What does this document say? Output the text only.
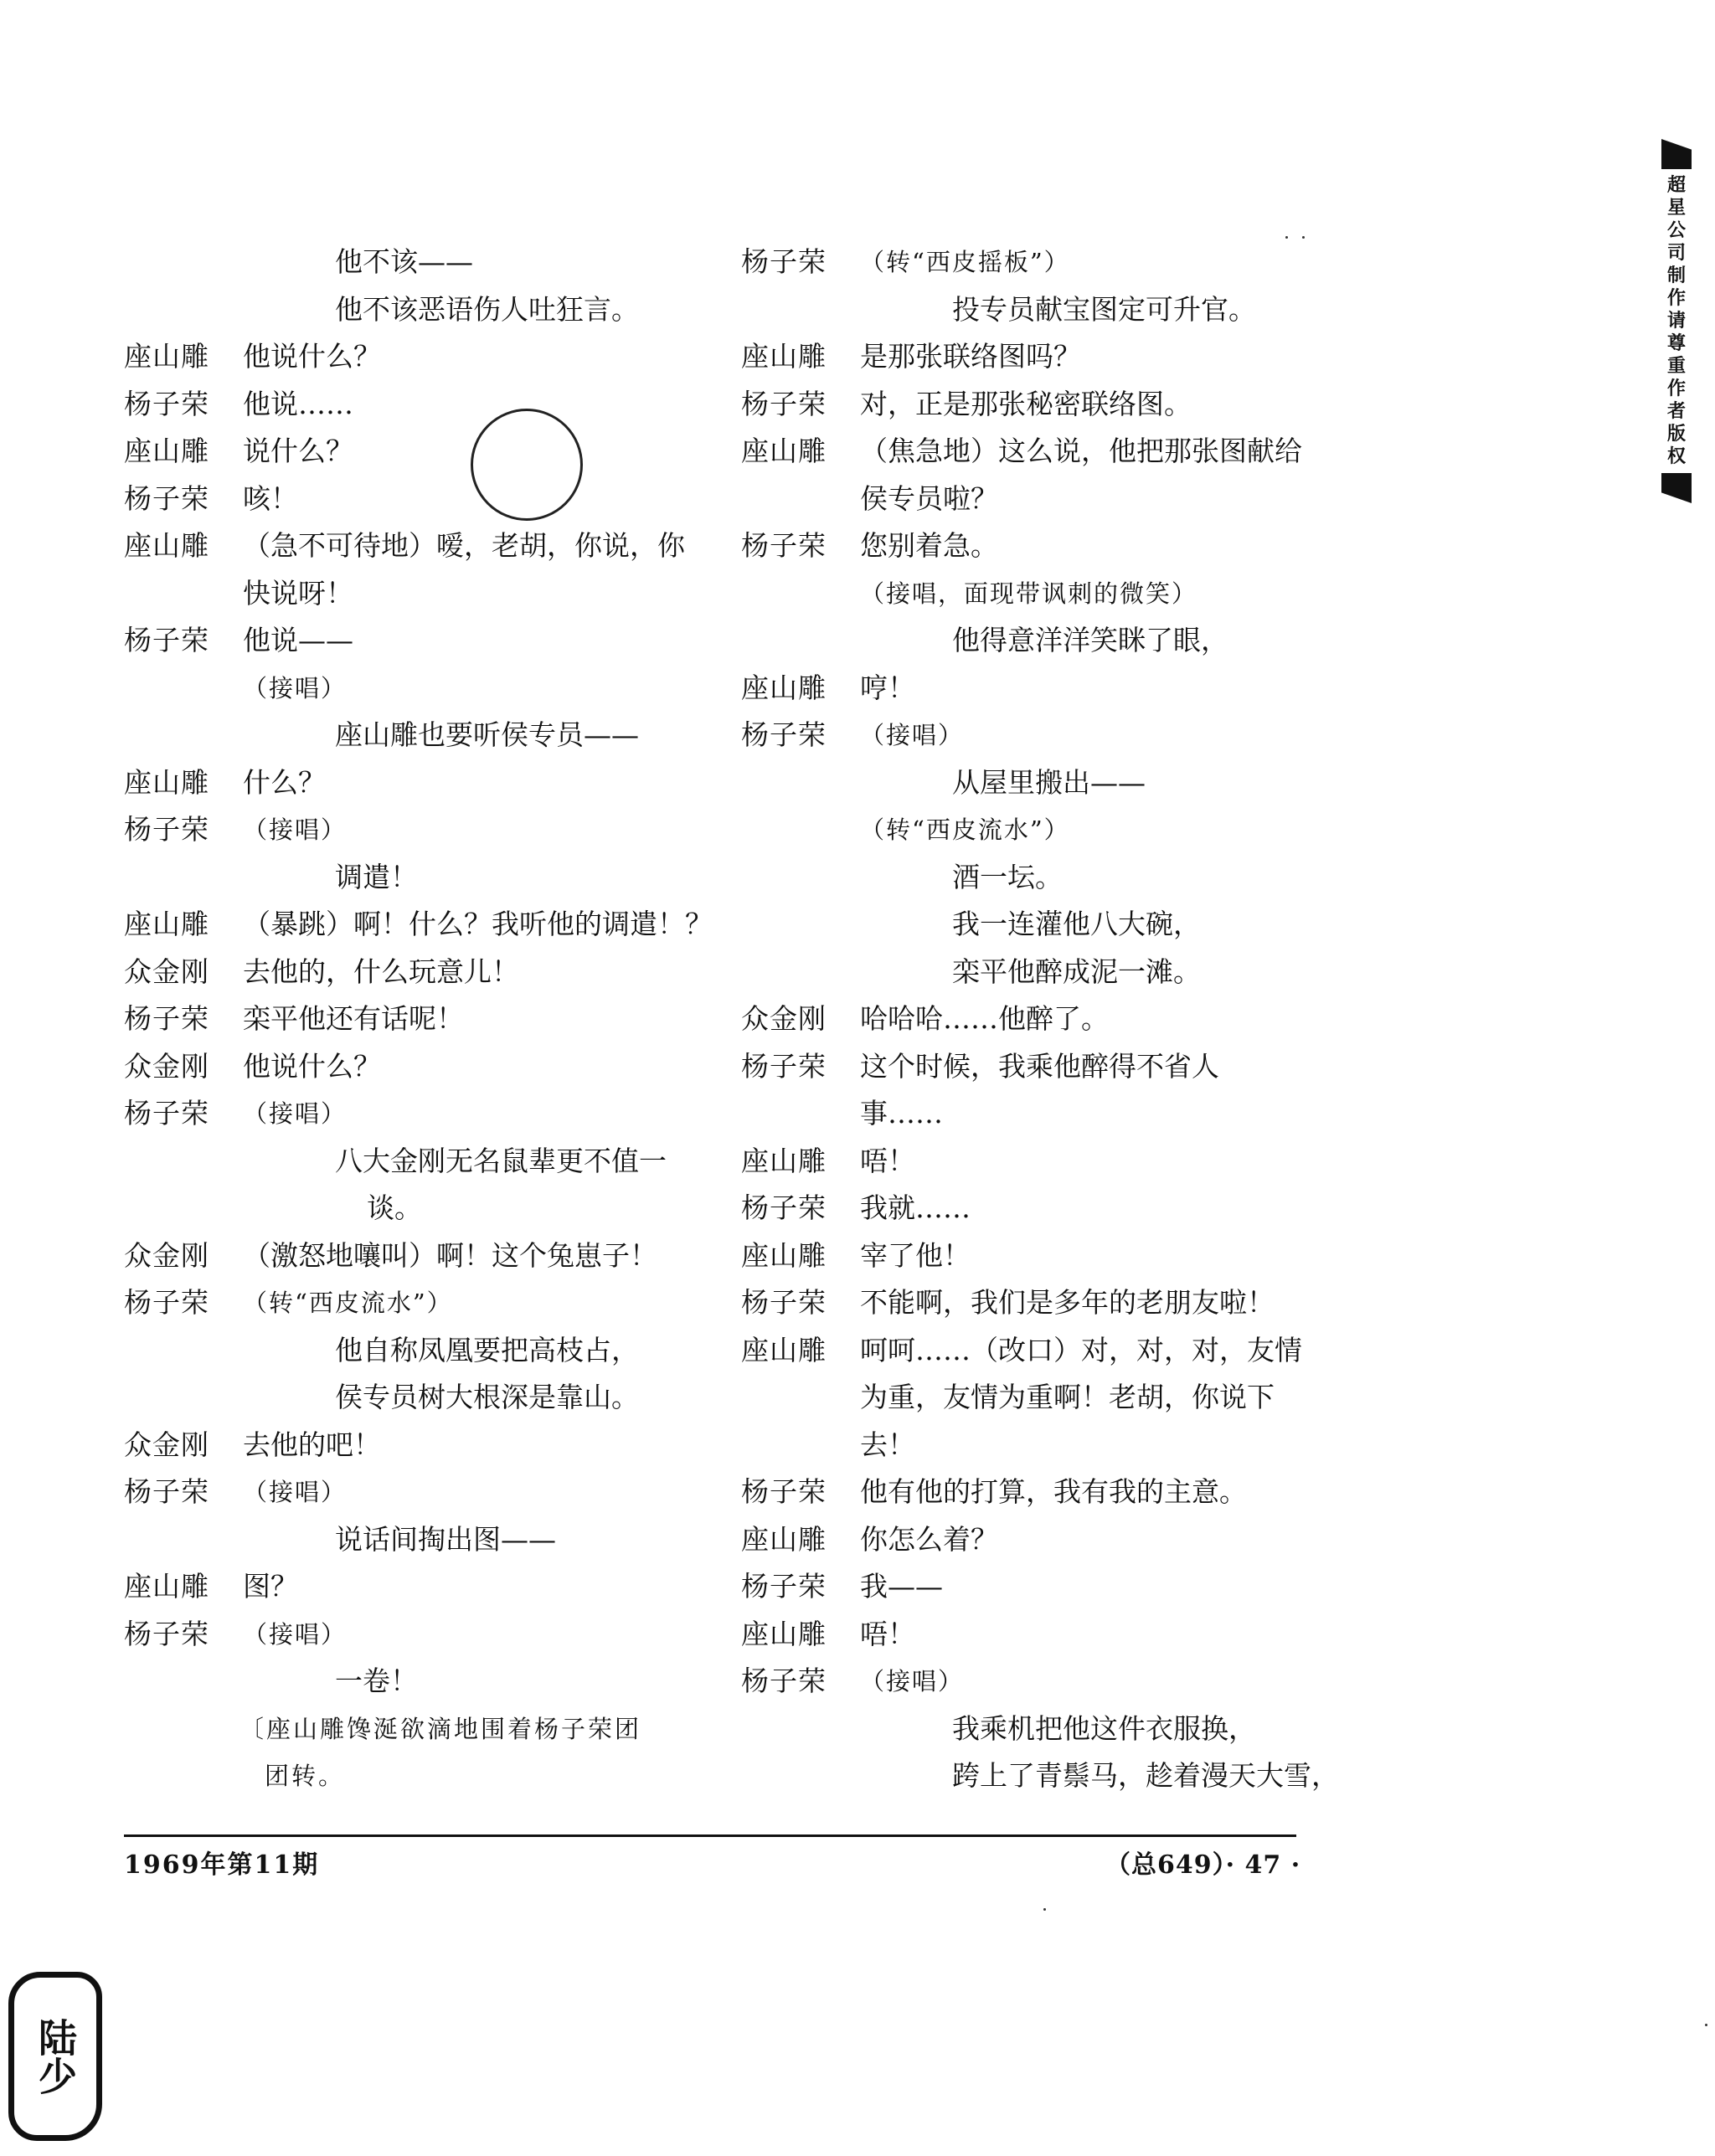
他不该——
他不该恶语伤人吐狂言。
座山雕	他说什么？
杨子荣	他说……
座山雕	说什么？
杨子荣	咳！
座山雕	（急不可待地）嗳，老胡，你说，你
快说呀！
杨子荣	他说——
（接唱）
座山雕也要听侯专员——
座山雕	什么？
杨子荣	（接唱）
调遣！
座山雕	（暴跳）啊！什么？我听他的调遣！？
众金刚	去他的，什么玩意儿！
杨子荣	栾平他还有话呢！
众金刚	他说什么？
杨子荣	（接唱）
八大金刚无名鼠辈更不值一
谈。
众金刚	（激怒地嚷叫）啊！这个兔崽子！
杨子荣	（转“西皮流水”）
他自称凤凰要把高枝占，
侯专员树大根深是靠山。
众金刚	去他的吧！
杨子荣	（接唱）
说话间掏出图——
座山雕	图？
杨子荣	（接唱）
一卷！
〔座山雕馋涎欲滴地围着杨子荣团
团转。
杨子荣	（转“西皮摇板”）
投专员献宝图定可升官。
座山雕	是那张联络图吗？
杨子荣	对，正是那张秘密联络图。
座山雕	（焦急地）这么说，他把那张图献给
侯专员啦？
杨子荣	您别着急。
（接唱，面现带讽刺的微笑）
他得意洋洋笑眯了眼，
座山雕	哼！
杨子荣	（接唱）
从屋里搬出——
（转“西皮流水”）
酒一坛。
我一连灌他八大碗，
栾平他醉成泥一滩。
众金刚	哈哈哈……他醉了。
杨子荣	这个时候，我乘他醉得不省人
事……
座山雕	唔！
杨子荣	我就……
座山雕	宰了他！
杨子荣	不能啊，我们是多年的老朋友啦！
座山雕	呵呵……（改口）对，对，对，友情
为重，友情为重啊！老胡，你说下
去！
杨子荣	他有他的打算，我有我的主意。
座山雕	你怎么着？
杨子荣	我——
座山雕	唔！
杨子荣	（接唱）
我乘机把他这件衣服换，
跨上了青鬃马，趁着漫天大雪，
1969年第11期	（总649）· 47 ·
超星公司制作请尊重作者版权
陆少
